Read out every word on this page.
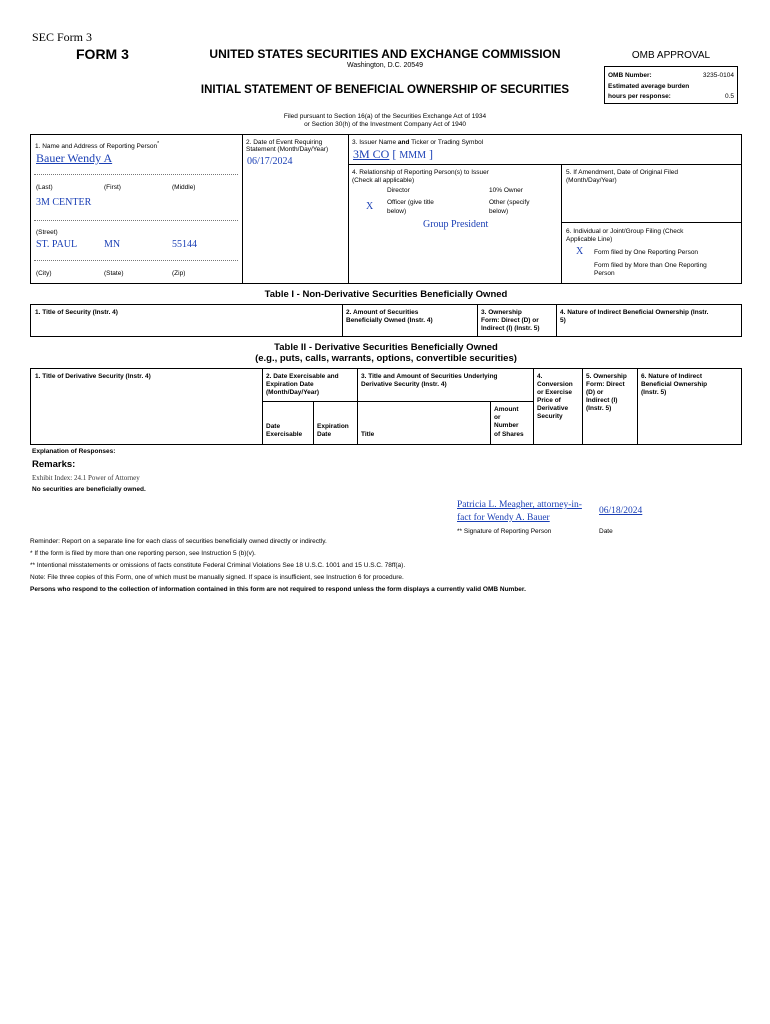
SEC Form 3
FORM 3	UNITED STATES SECURITIES AND EXCHANGE COMMISSION
Washington, D.C. 20549
INITIAL STATEMENT OF BENEFICIAL OWNERSHIP OF SECURITIES
OMB APPROVAL
OMB Number:	3235-0104
Estimated average burden
hours per response:	0.5
Filed pursuant to Section 16(a) of the Securities Exchange Act of 1934
or Section 30(h) of the Investment Company Act of 1940
1. Name and Address of Reporting Person*
Bauer Wendy A
(Last)	(First)	(Middle)
3M CENTER
(Street)
ST. PAUL	MN	55144
(City)	(State)	(Zip)
2. Date of Event Requiring
Statement (Month/Day/Year)
06/17/2024
3. Issuer Name and Ticker or Trading Symbol
3M CO [ MMM ]
4. Relationship of Reporting Person(s) to Issuer
(Check all applicable)
Director	10% Owner
X Officer (give title
below)
Other (specify
below)
Group President
5. If Amendment, Date of Original Filed
(Month/Day/Year)
6. Individual or Joint/Group Filing (Check
Applicable Line)
X Form filed by One Reporting Person
Form filed by More than One Reporting
Person
Table I - Non-Derivative Securities Beneficially Owned
1. Title of Security (Instr. 4)	2. Amount of Securities
Beneficially Owned (Instr. 4)
3. Ownership
Form: Direct (D) or
Indirect (I) (Instr. 5)
4. Nature of Indirect Beneficial Ownership (Instr.
5)
Table II - Derivative Securities Beneficially Owned
(e.g., puts, calls, warrants, options, convertible securities)
1. Title of Derivative Security (Instr. 4)	2. Date Exercisable and
Expiration Date
(Month/Day/Year)
Date
Exercisable
Expiration
Date
3. Title and Amount of Securities Underlying
Derivative Security (Instr. 4)
Title
Amount
or
Number
of Shares
4.
Conversion
or Exercise
Price of
Derivative
Security
5. Ownership
Form: Direct
(D) or
Indirect (I)
(Instr. 5)
6. Nature of Indirect
Beneficial Ownership
(Instr. 5)
Explanation of Responses:
Remarks:
Exhibit Index: 24.1 Power of Attorney
No securities are beneficially owned.
Patricia L. Meagher, attorney-in-
fact for Wendy A. Bauer
06/18/2024
** Signature of Reporting Person	Date
Reminder: Report on a separate line for each class of securities beneficially owned directly or indirectly.
* If the form is filed by more than one reporting person, see Instruction 5 (b)(v).
** Intentional misstatements or omissions of facts constitute Federal Criminal Violations See 18 U.S.C. 1001 and 15 U.S.C. 78ff(a).
Note: File three copies of this Form, one of which must be manually signed. If space is insufficient, see Instruction 6 for procedure.
Persons who respond to the collection of information contained in this form are not required to respond unless the form displays a currently valid OMB Number.
